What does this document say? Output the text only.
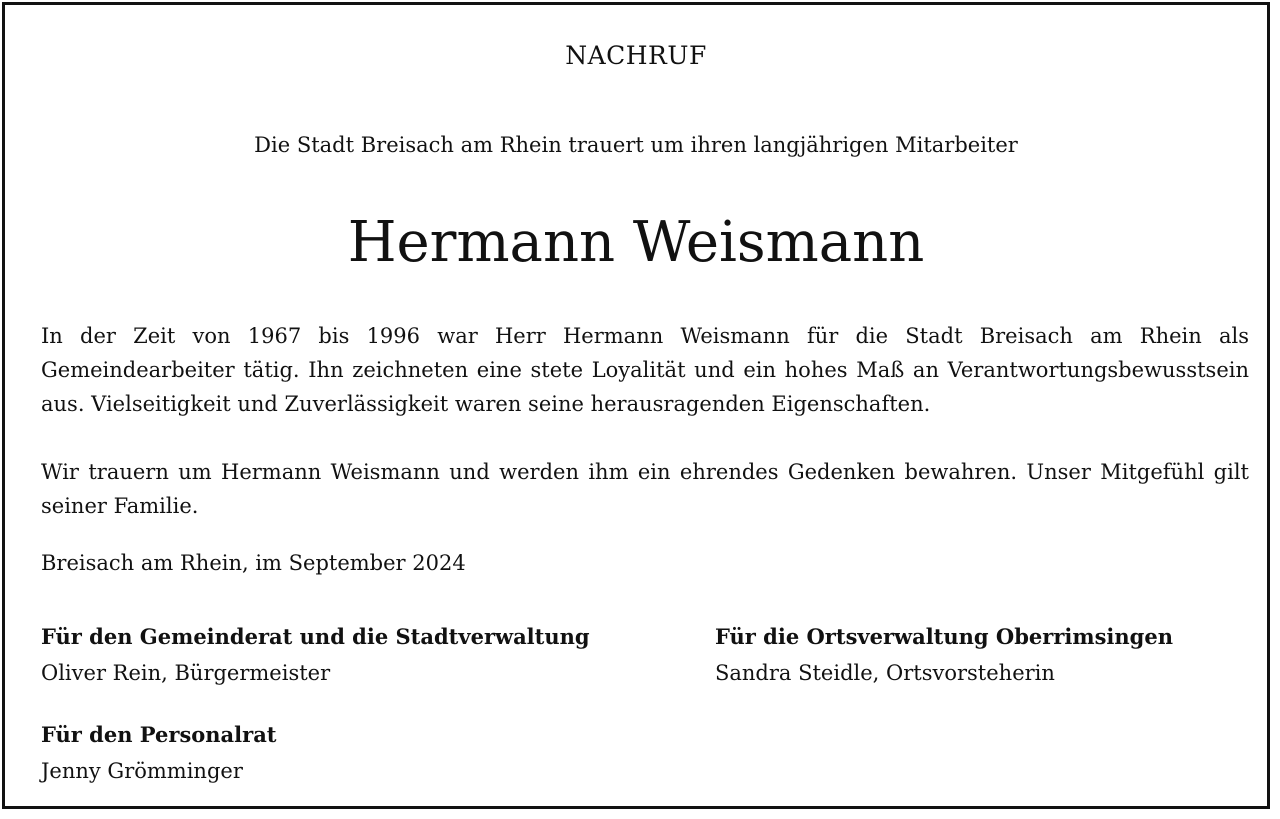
NACHRUF
Die Stadt Breisach am Rhein trauert um ihren langjährigen Mitarbeiter
Hermann Weismann

In der Zeit von 1967 bis 1996 war Herr Hermann Weismann für die Stadt Breisach am Rhein als Gemeindearbeiter tätig. Ihn zeichneten eine stete Loyalität und ein hohes Maß an Verantwortungsbewusstsein aus. Vielseitigkeit und Zuverlässigkeit waren seine herausragenden Eigenschaften.

Wir trauern um Hermann Weismann und werden ihm ein ehrendes Gedenken bewahren. Unser Mitgefühl gilt seiner Familie.

Breisach am Rhein, im September 2024

Für den Gemeinderat und die Stadtverwaltung
Oliver Rein, Bürgermeister
Für die Ortsverwaltung Oberrimsingen
Sandra Steidle, Ortsvorsteherin
Für den Personalrat
Jenny Grömminger
